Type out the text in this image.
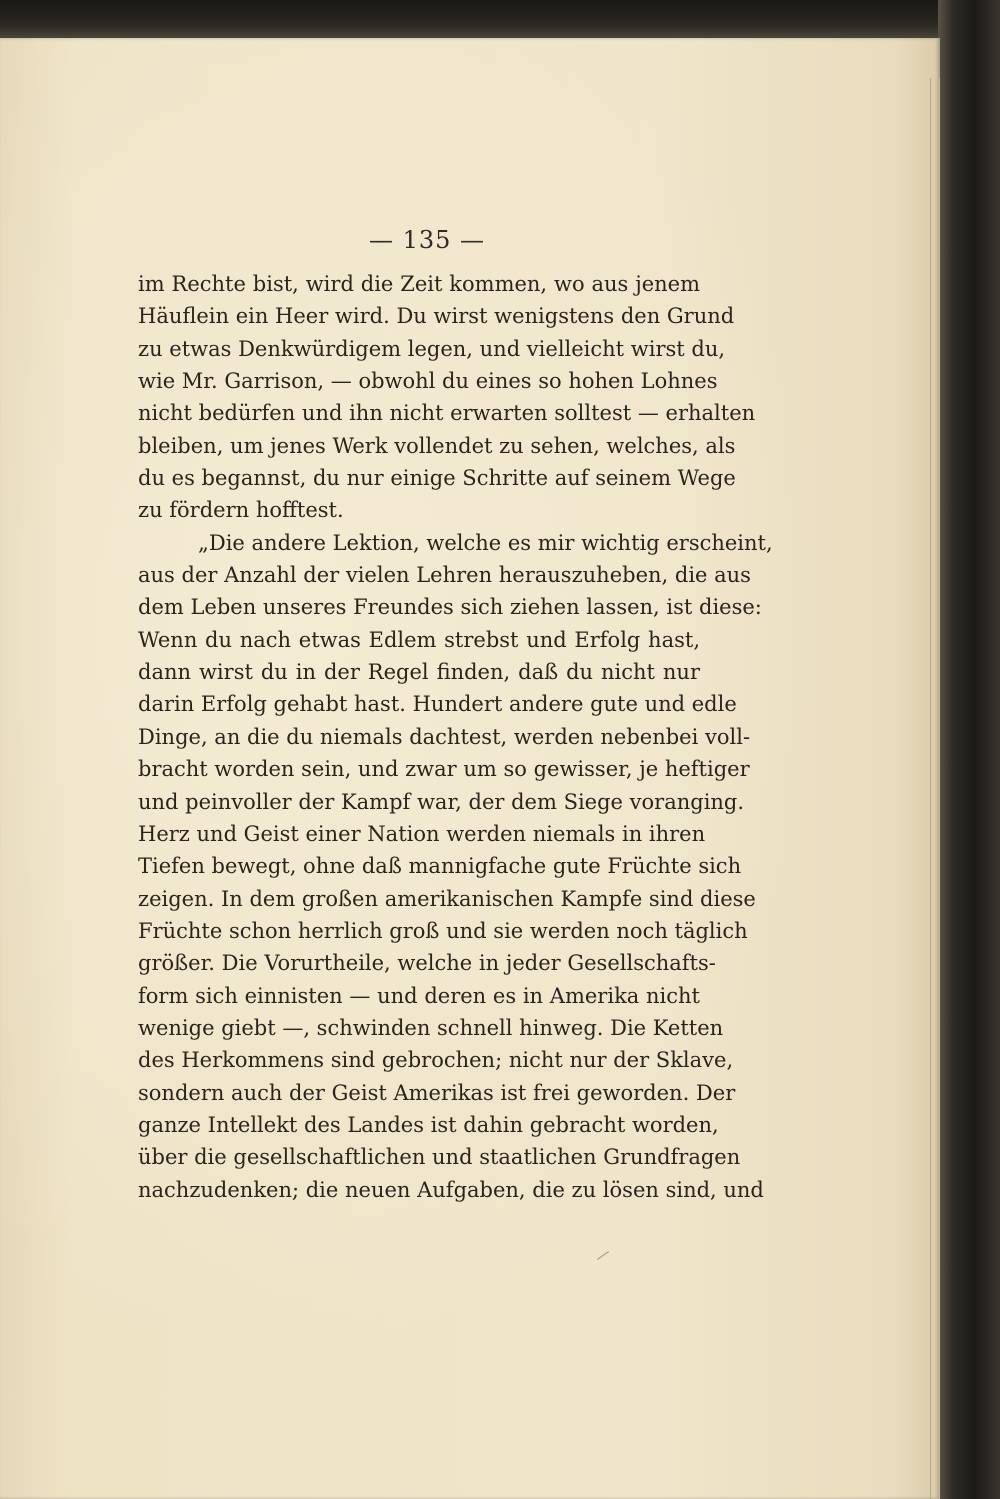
— 135 —
im Rechte bist, wird die Zeit kommen, wo aus jenem
Häuflein ein Heer wird. Du wirst wenigstens den Grund
zu etwas Denkwürdigem legen, und vielleicht wirst du,
wie Mr. Garrison, — obwohl du eines so hohen Lohnes
nicht bedürfen und ihn nicht erwarten solltest — erhalten
bleiben, um jenes Werk vollendet zu sehen, welches, als
du es begannst, du nur einige Schritte auf seinem Wege
zu fördern hofftest.
„Die andere Lektion, welche es mir wichtig erscheint,
aus der Anzahl der vielen Lehren herauszuheben, die aus
dem Leben unseres Freundes sich ziehen lassen, ist diese:
Wenn du nach etwas Edlem strebst und Erfolg hast,
dann wirst du in der Regel finden, daß du nicht nur
darin Erfolg gehabt hast. Hundert andere gute und edle
Dinge, an die du niemals dachtest, werden nebenbei voll-
bracht worden sein, und zwar um so gewisser, je heftiger
und peinvoller der Kampf war, der dem Siege voranging.
Herz und Geist einer Nation werden niemals in ihren
Tiefen bewegt, ohne daß mannigfache gute Früchte sich
zeigen. In dem großen amerikanischen Kampfe sind diese
Früchte schon herrlich groß und sie werden noch täglich
größer. Die Vorurtheile, welche in jeder Gesellschafts-
form sich einnisten — und deren es in Amerika nicht
wenige giebt —, schwinden schnell hinweg. Die Ketten
des Herkommens sind gebrochen; nicht nur der Sklave,
sondern auch der Geist Amerikas ist frei geworden. Der
ganze Intellekt des Landes ist dahin gebracht worden,
über die gesellschaftlichen und staatlichen Grundfragen
nachzudenken; die neuen Aufgaben, die zu lösen sind, und
